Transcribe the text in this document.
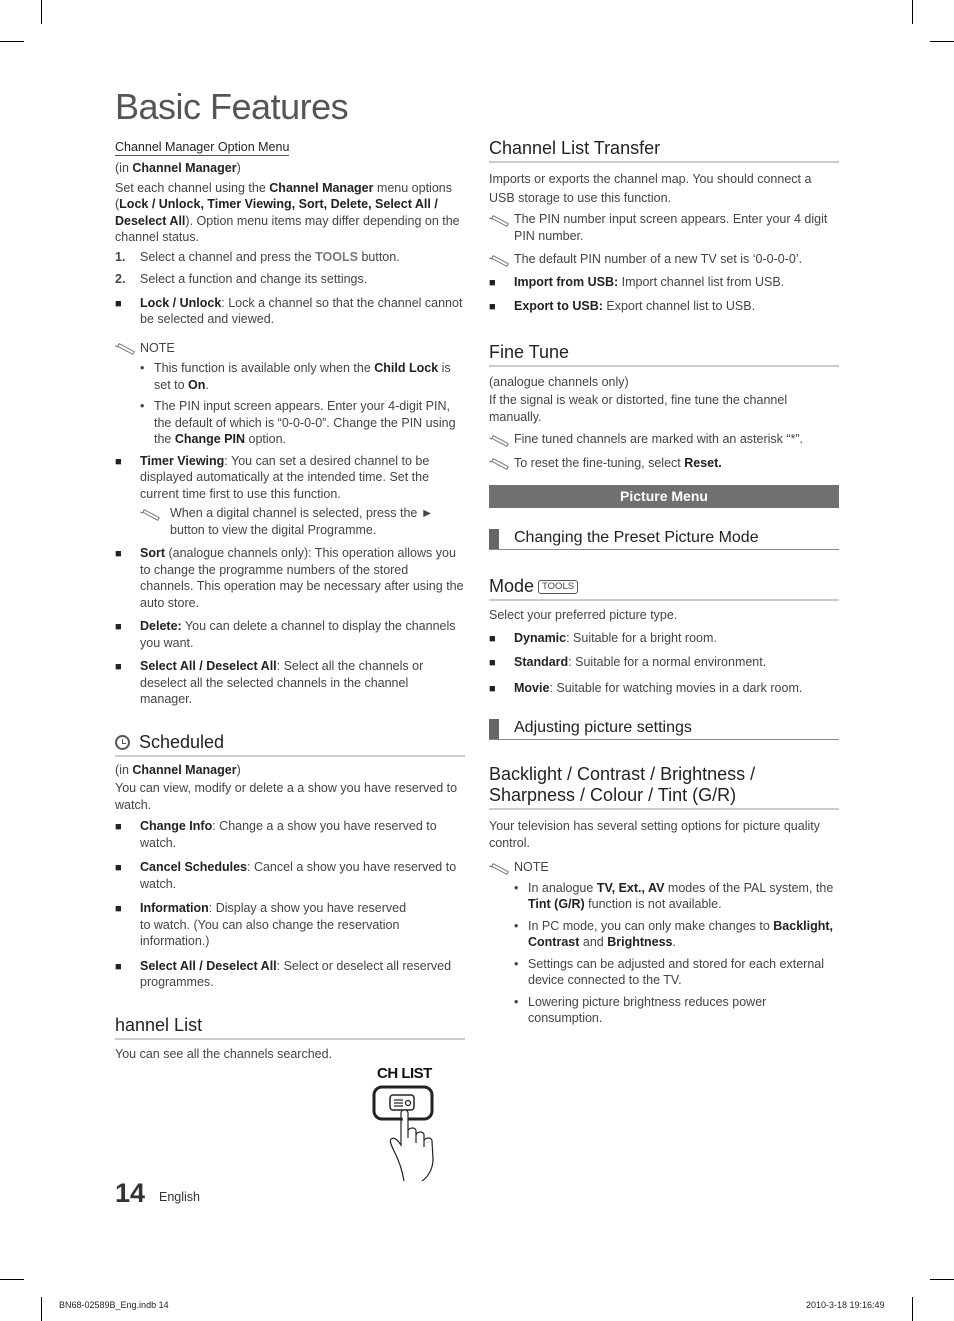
Basic Features
Channel Manager Option Menu
(in Channel Manager)
Set each channel using the Channel Manager menu options (Lock / Unlock, Timer Viewing, Sort, Delete, Select All / Deselect All). Option menu items may differ depending on the channel status.
1.	Select a channel and press the TOOLS button.
2.	Select a function and change its settings.
■	Lock / Unlock: Lock a channel so that the channel cannot be selected and viewed.
NOTE
• This function is available only when the Child Lock is set to On.
• The PIN input screen appears. Enter your 4-digit PIN, the default of which is “0-0-0-0”. Change the PIN using the Change PIN option.
■	Timer Viewing: You can set a desired channel to be displayed automatically at the intended time. Set the current time first to use this function.
When a digital channel is selected, press the ► button to view the digital Programme.
■	Sort (analogue channels only): This operation allows you to change the programme numbers of the stored channels. This operation may be necessary after using the auto store.
■	Delete: You can delete a channel to display the channels you want.
■	Select All / Deselect All: Select all the channels or deselect all the selected channels in the channel manager.
Scheduled
(in Channel Manager)
You can view, modify or delete a a show you have reserved to watch.
■	Change Info: Change a a show you have reserved to watch.
■	Cancel Schedules: Cancel a show you have reserved to watch.
■	Information: Display a show you have reserved to watch. (You can also change the reservation information.)
■	Select All / Deselect All: Select or deselect all reserved programmes.
hannel List
You can see all the channels searched.
CH LIST
Channel List Transfer
Imports or exports the channel map. You should connect a USB storage to use this function.
The PIN number input screen appears. Enter your 4 digit PIN number.
The default PIN number of a new TV set is ‘0-0-0-0’.
■	Import from USB: Import channel list from USB.
■	Export to USB: Export channel list to USB.
Fine Tune
(analogue channels only)
If the signal is weak or distorted, fine tune the channel manually.
Fine tuned channels are marked with an asterisk “*”.
To reset the fine-tuning, select Reset.
Picture Menu
Changing the Preset Picture Mode
Mode TOOLS
Select your preferred picture type.
■	Dynamic: Suitable for a bright room.
■	Standard: Suitable for a normal environment.
■	Movie: Suitable for watching movies in a dark room.
Adjusting picture settings
Backlight / Contrast / Brightness / Sharpness / Colour / Tint (G/R)
Your television has several setting options for picture quality control.
NOTE
• In analogue TV, Ext., AV modes of the PAL system, the Tint (G/R) function is not available.
• In PC mode, you can only make changes to Backlight, Contrast and Brightness.
• Settings can be adjusted and stored for each external device connected to the TV.
• Lowering picture brightness reduces power consumption.
14 English
BN68-02589B_Eng.indb 14	2010-3-18 19:16:49
